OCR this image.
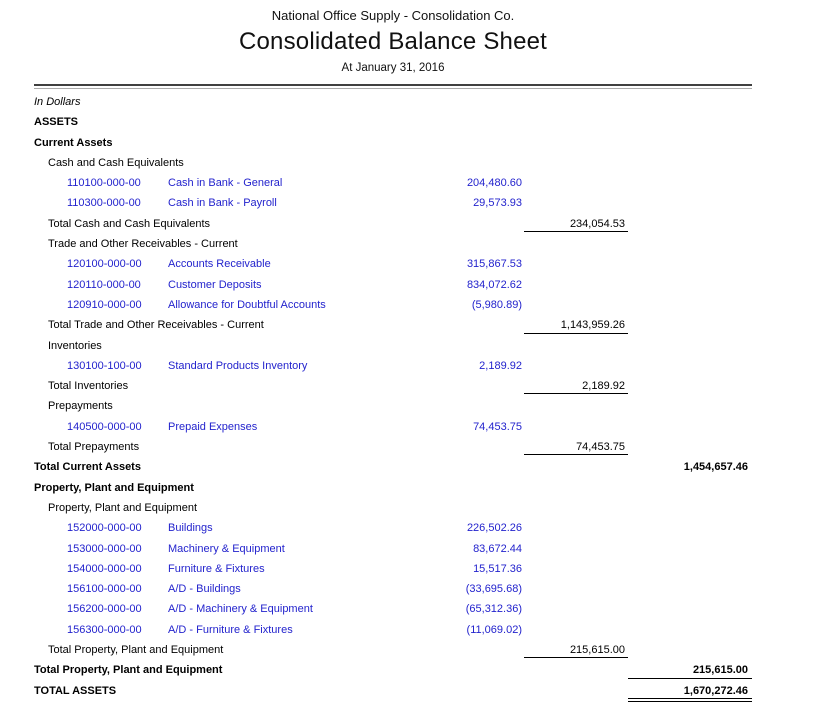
National Office Supply - Consolidation Co.
Consolidated Balance Sheet
At January 31, 2016
In Dollars
ASSETS
Current Assets
Cash and Cash Equivalents
110100-000-00 Cash in Bank - General	204,480.60
110300-000-00 Cash in Bank - Payroll	29,573.93
Total Cash and Cash Equivalents	234,054.53
Trade and Other Receivables - Current
120100-000-00 Accounts Receivable	315,867.53
120110-000-00 Customer Deposits	834,072.62
120910-000-00 Allowance for Doubtful Accounts	(5,980.89)
Total Trade and Other Receivables - Current	1,143,959.26
Inventories
130100-100-00 Standard Products Inventory	2,189.92
Total Inventories	2,189.92
Prepayments
140500-000-00 Prepaid Expenses	74,453.75
Total Prepayments	74,453.75
Total Current Assets	1,454,657.46
Property, Plant and Equipment
Property, Plant and Equipment
152000-000-00 Buildings	226,502.26
153000-000-00 Machinery & Equipment	83,672.44
154000-000-00 Furniture & Fixtures	15,517.36
156100-000-00 A/D - Buildings	(33,695.68)
156200-000-00 A/D - Machinery & Equipment	(65,312.36)
156300-000-00 A/D - Furniture & Fixtures	(11,069.02)
Total Property, Plant and Equipment	215,615.00
Total Property, Plant and Equipment	215,615.00
TOTAL ASSETS	1,670,272.46
